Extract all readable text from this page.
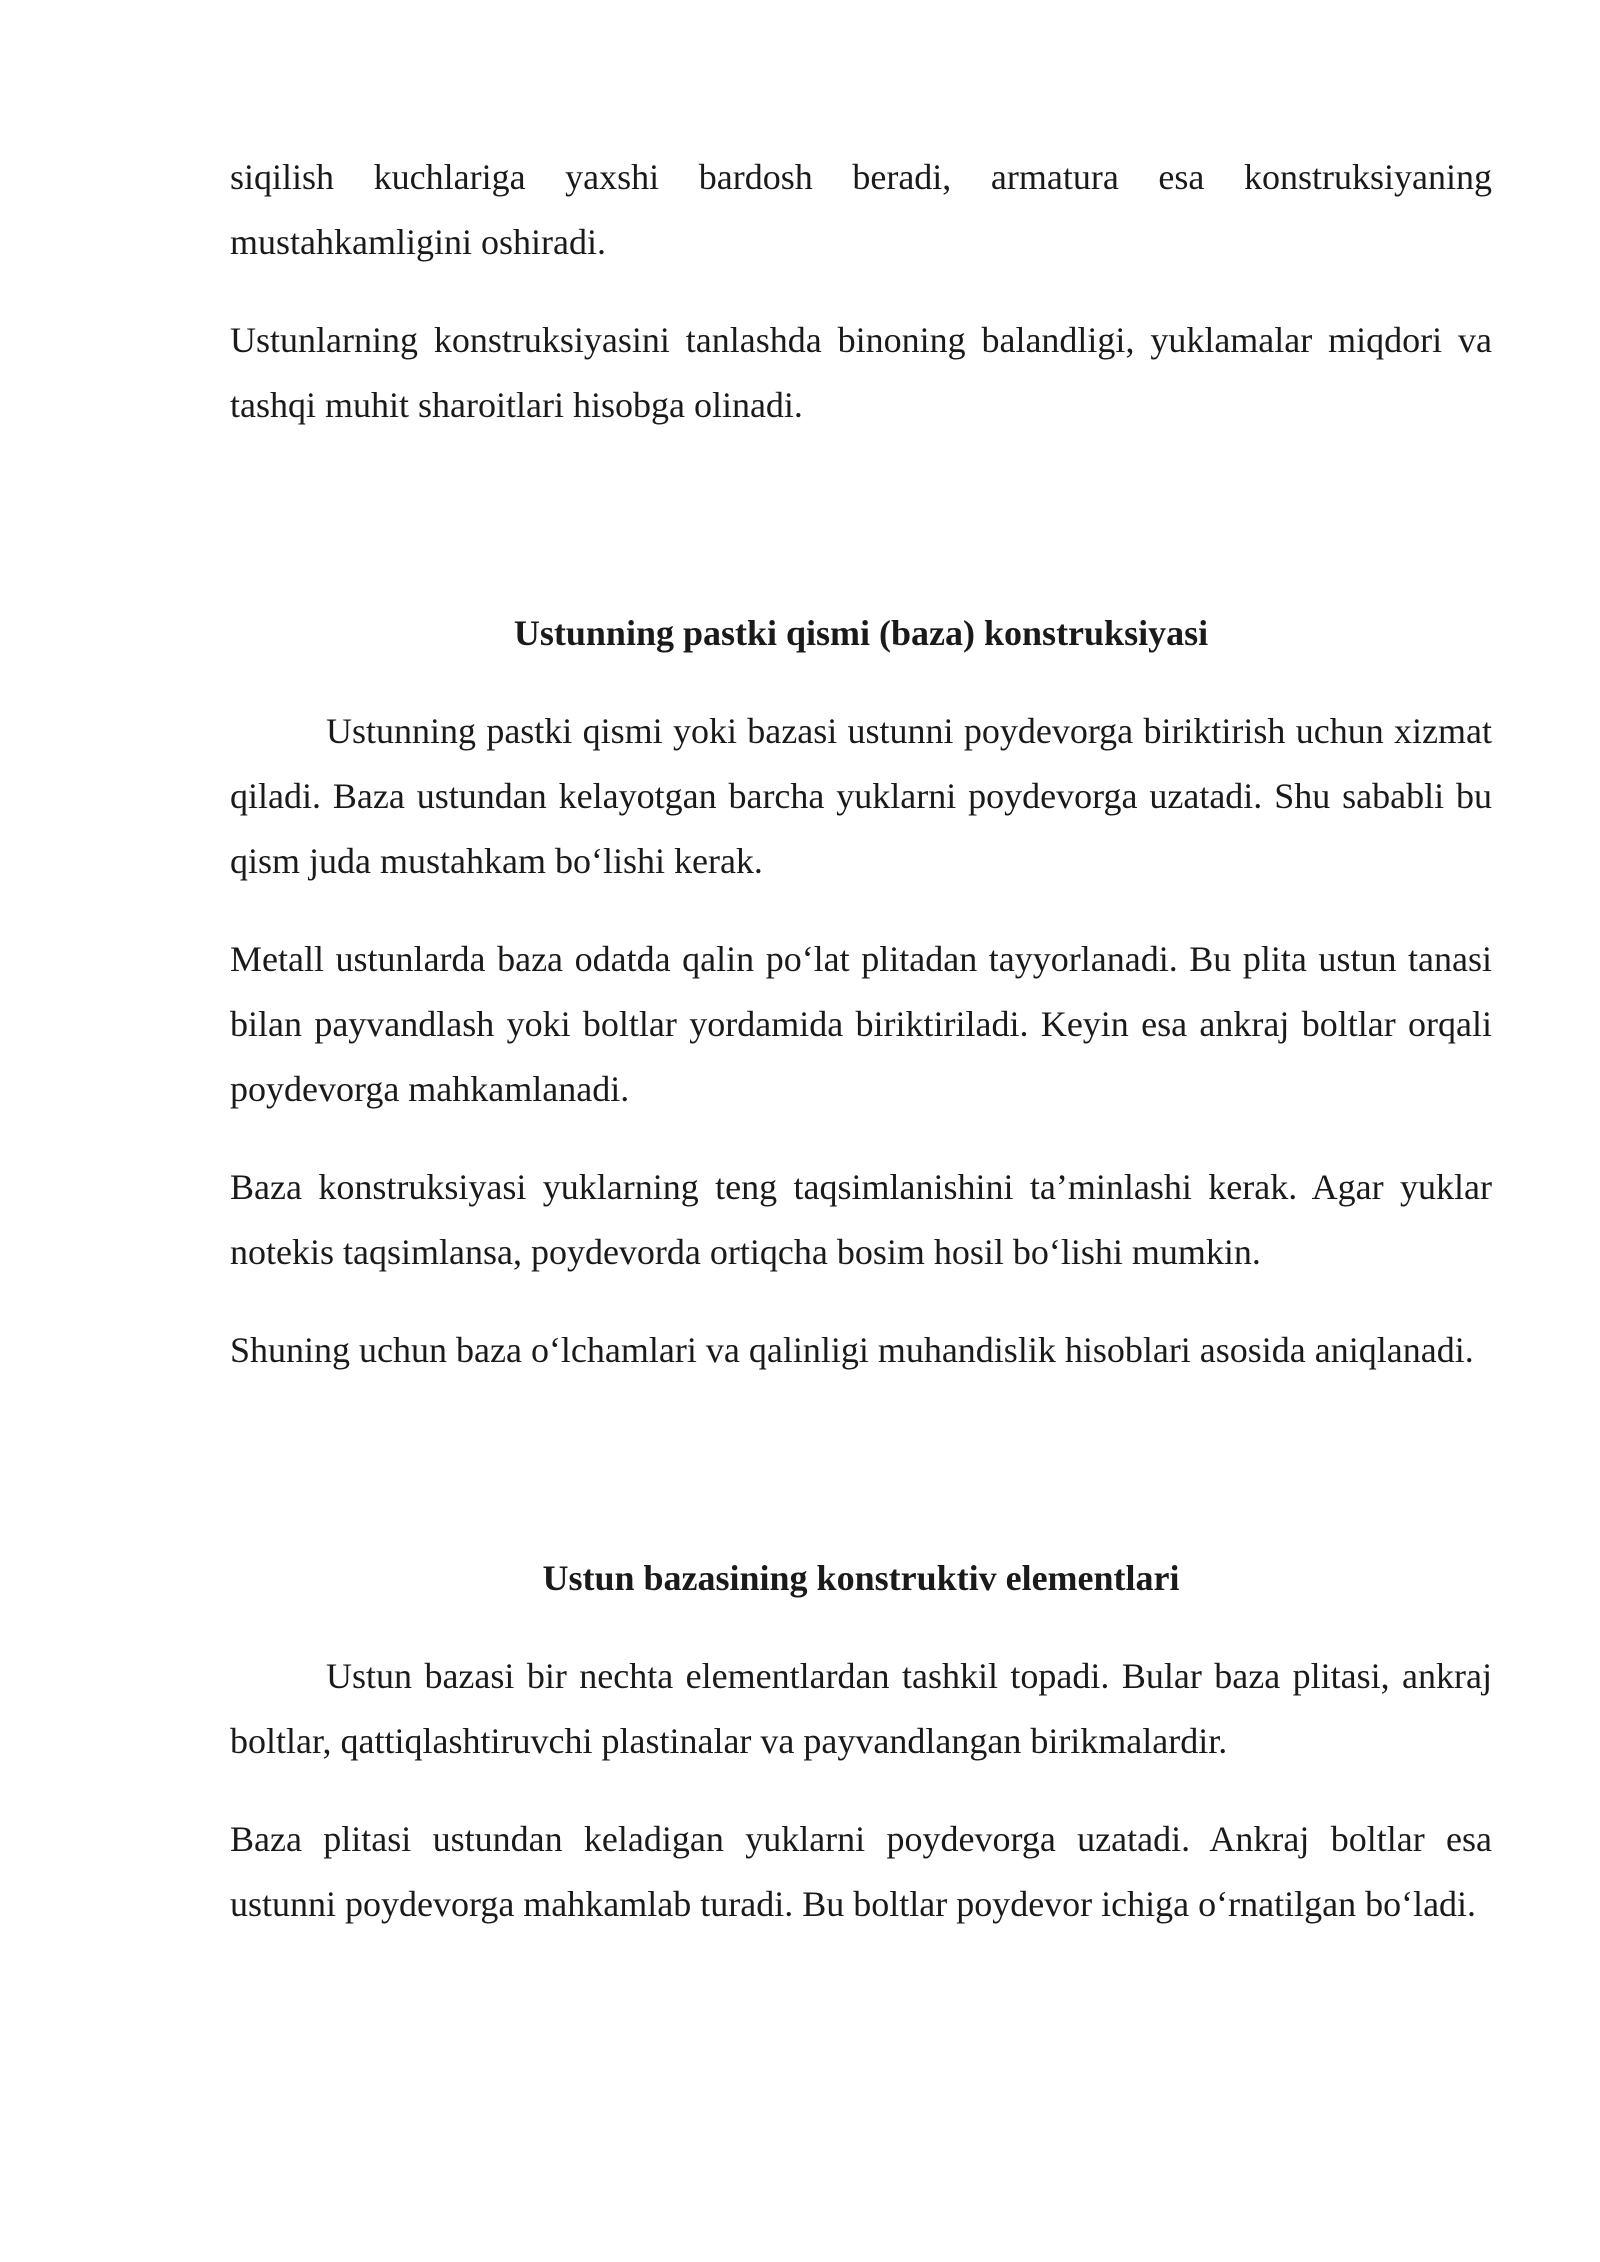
siqilish kuchlariga yaxshi bardosh beradi, armatura esa konstruksiyaning mustahkamligini oshiradi.

Ustunlarning konstruksiyasini tanlashda binoning balandligi, yuklamalar miqdori va tashqi muhit sharoitlari hisobga olinadi.

Ustunning pastki qismi (baza) konstruksiyasi

Ustunning pastki qismi yoki bazasi ustunni poydevorga biriktirish uchun xizmat qiladi. Baza ustundan kelayotgan barcha yuklarni poydevorga uzatadi. Shu sababli bu qism juda mustahkam bo‘lishi kerak.

Metall ustunlarda baza odatda qalin po‘lat plitadan tayyorlanadi. Bu plita ustun tanasi bilan payvandlash yoki boltlar yordamida biriktiriladi. Keyin esa ankraj boltlar orqali poydevorga mahkamlanadi.

Baza konstruksiyasi yuklarning teng taqsimlanishini ta’minlashi kerak. Agar yuklar notekis taqsimlansa, poydevorda ortiqcha bosim hosil bo‘lishi mumkin.

Shuning uchun baza o‘lchamlari va qalinligi muhandislik hisoblari asosida aniqlanadi.

Ustun bazasining konstruktiv elementlari

Ustun bazasi bir nechta elementlardan tashkil topadi. Bular baza plitasi, ankraj boltlar, qattiqlashtiruvchi plastinalar va payvandlangan birikmalardir.

Baza plitasi ustundan keladigan yuklarni poydevorga uzatadi. Ankraj boltlar esa ustunni poydevorga mahkamlab turadi. Bu boltlar poydevor ichiga o‘rnatilgan bo‘ladi.
